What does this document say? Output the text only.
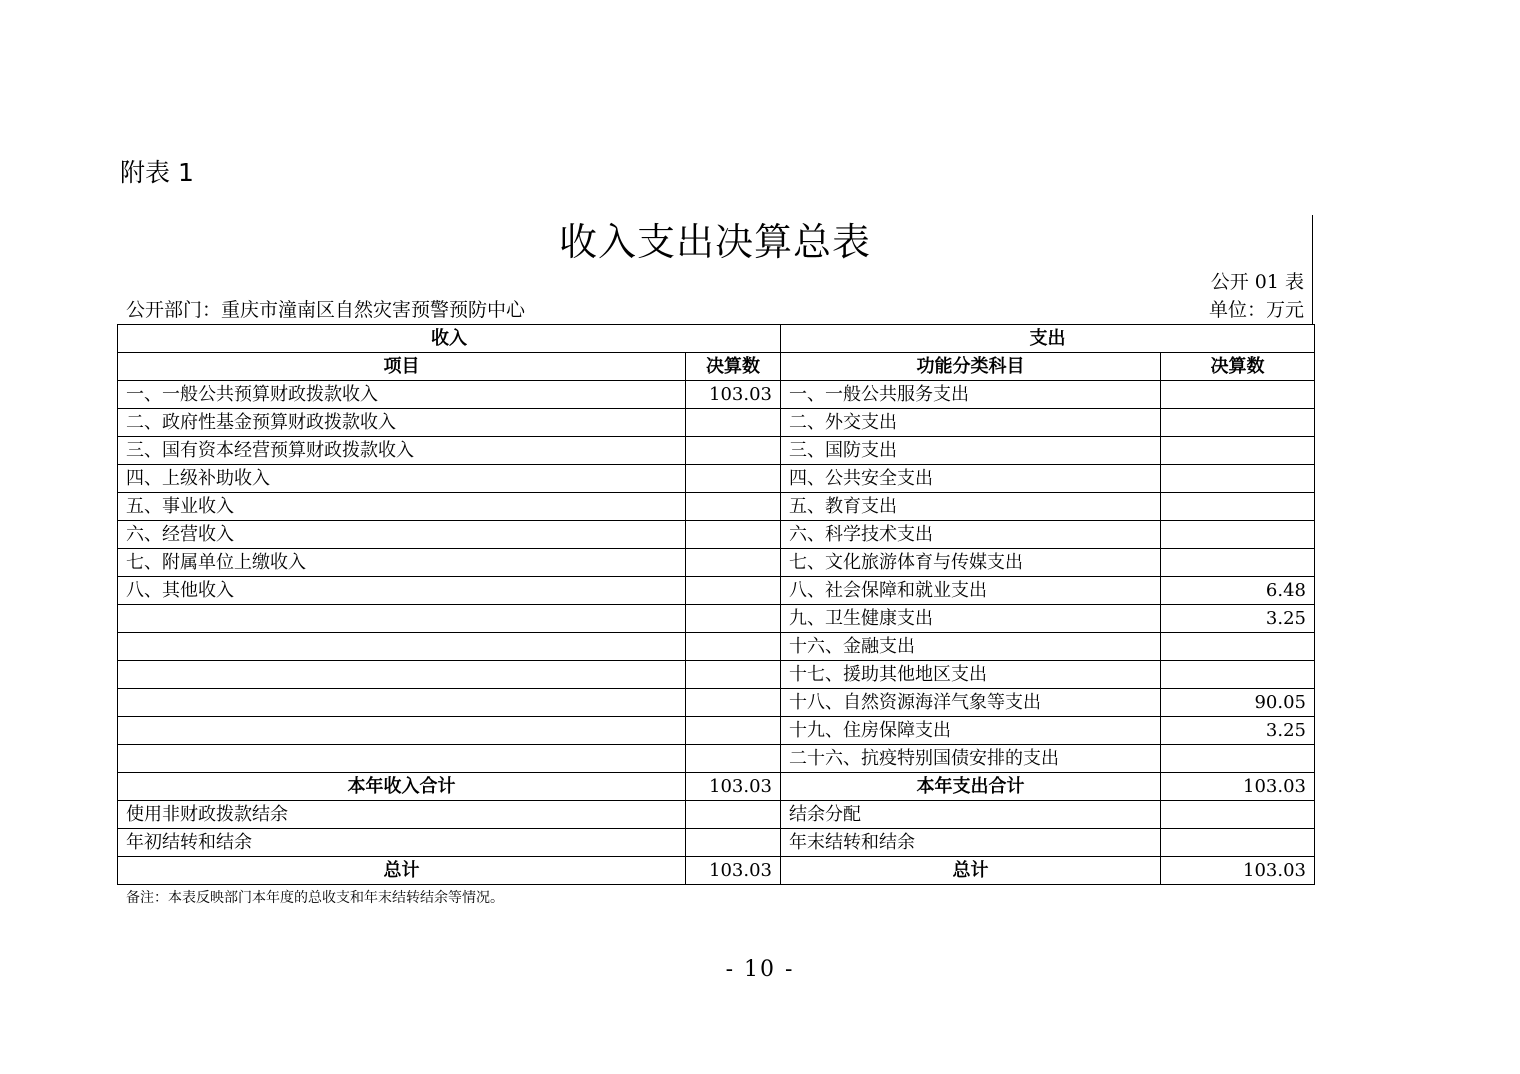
附表 1
收入支出决算总表
公开 01 表
公开部门：重庆市潼南区自然灾害预警预防中心	单位：万元
收入		支出	
项目	决算数	功能分类科目	决算数
一、一般公共预算财政拨款收入	103.03	一、一般公共服务支出	
二、政府性基金预算财政拨款收入		二、外交支出	
三、国有资本经营预算财政拨款收入		三、国防支出	
四、上级补助收入		四、公共安全支出	
五、事业收入		五、教育支出	
六、经营收入		六、科学技术支出	
七、附属单位上缴收入		七、文化旅游体育与传媒支出	
八、其他收入		八、社会保障和就业支出	6.48
		九、卫生健康支出	3.25
		十六、金融支出	
		十七、援助其他地区支出	
		十八、自然资源海洋气象等支出	90.05
		十九、住房保障支出	3.25
		二十六、抗疫特别国债安排的支出	
本年收入合计	103.03	本年支出合计	103.03
使用非财政拨款结余		结余分配	
年初结转和结余		年末结转和结余	
总计	103.03	总计	103.03
备注：本表反映部门本年度的总收支和年末结转结余等情况。
- 10 -
